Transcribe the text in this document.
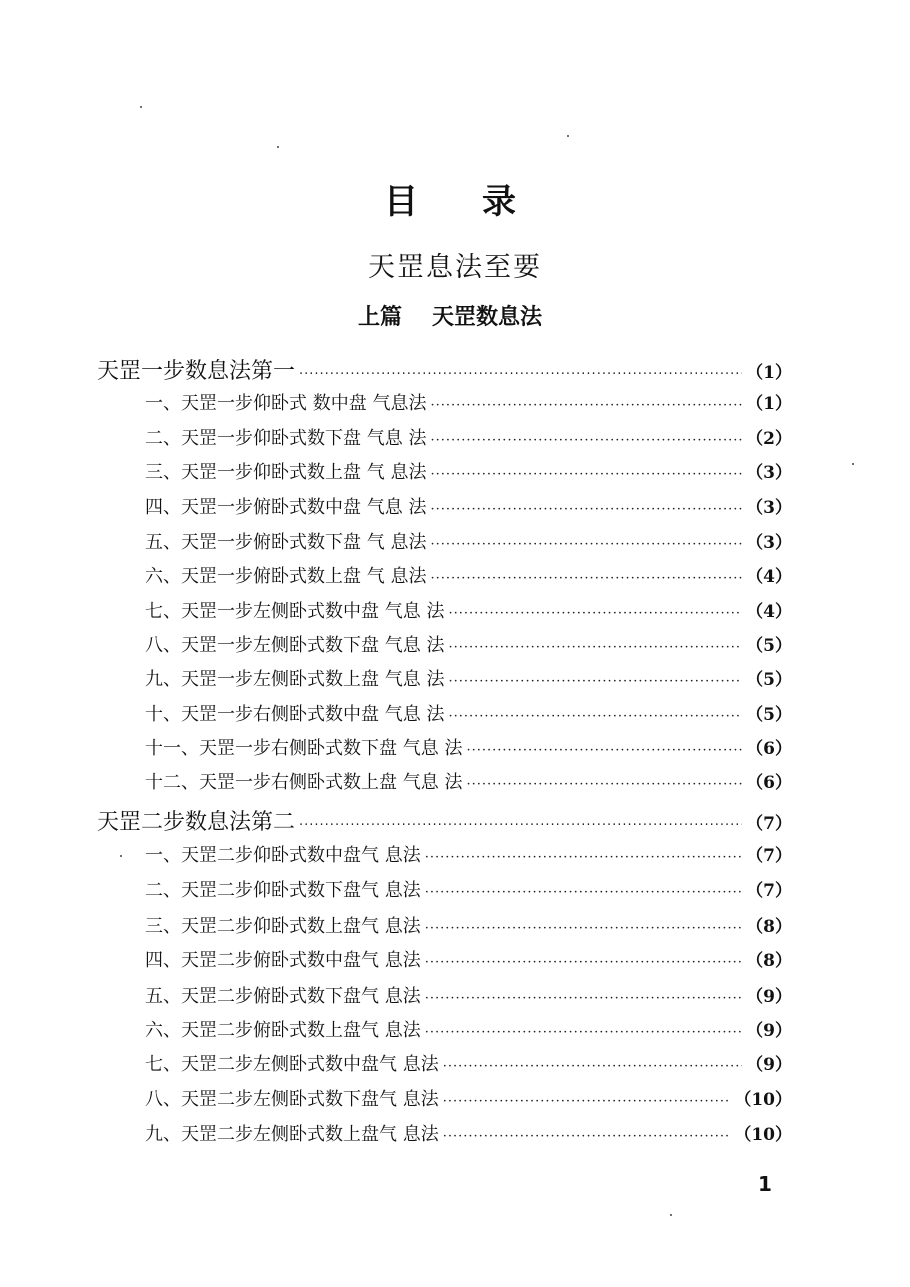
目录
天罡息法至要
上篇 天罡数息法
天罡一步数息法第一 ·····	（1）
一、天罡一步仰卧式 数中盘 气息法 ·····	（1）
二、天罡一步仰卧式数下盘 气息 法 ·····	（2）
三、天罡一步仰卧式数上盘 气 息法 ·····	（3）
四、天罡一步俯卧式数中盘 气息 法 ·····	（3）
五、天罡一步俯卧式数下盘 气 息法 ·····	（3）
六、天罡一步俯卧式数上盘 气 息法 ·····	（4）
七、天罡一步左侧卧式数中盘 气息 法 ·····	（4）
八、天罡一步左侧卧式数下盘 气息 法 ·····	（5）
九、天罡一步左侧卧式数上盘 气息 法 ·····	（5）
十、天罡一步右侧卧式数中盘 气息 法 ·····	（5）
十一、天罡一步右侧卧式数下盘 气息 法 ·····	（6）
十二、天罡一步右侧卧式数上盘 气息 法 ·····	（6）
天罡二步数息法第二 ·····	（7）
一、天罡二步仰卧式数中盘气 息法 ·····	（7）
二、天罡二步仰卧式数下盘气 息法 ·····	（7）
三、天罡二步仰卧式数上盘气 息法 ·····	（8）
四、天罡二步俯卧式数中盘气 息法 ·····	（8）
五、天罡二步俯卧式数下盘气 息法 ·····	（9）
六、天罡二步俯卧式数上盘气 息法 ·····	（9）
七、天罡二步左侧卧式数中盘气 息法 ·····	（9）
八、天罡二步左侧卧式数下盘气 息法 ·····	（10）
九、天罡二步左侧卧式数上盘气 息法 ·····	（10）
1
